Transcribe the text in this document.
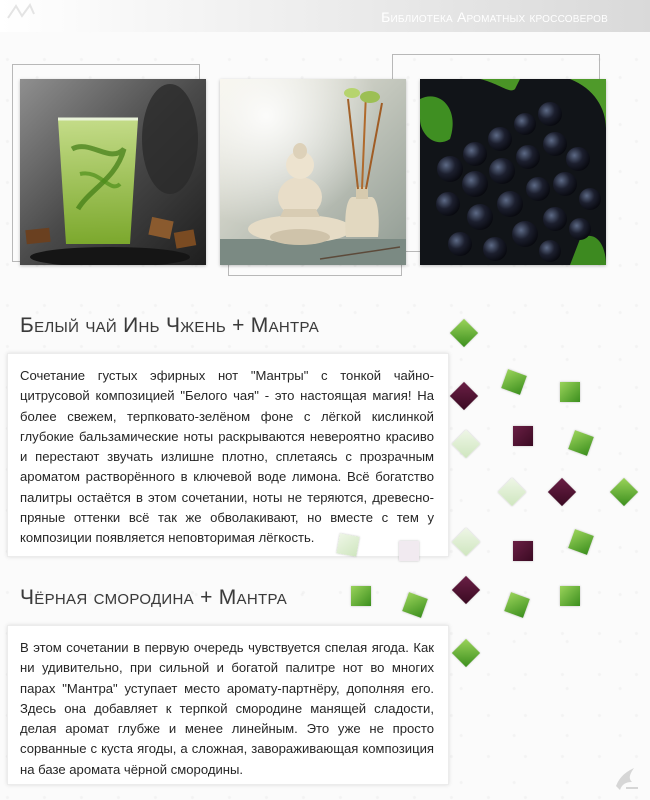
Библиотека Ароматных кроссоверов
Белый чай Инь Чжень + Мантра

Сочетание густых эфирных нот "Мантры" с тонкой чайно-цитрусовой композицией "Белого чая" - это настоящая магия! На более свежем, терпковато-зелёном фоне с лёгкой кислинкой глубокие бальзамические ноты раскрываются невероятно красиво и перестают звучать излишне плотно, сплетаясь с прозрачным ароматом растворённого в ключевой воде лимона. Всё богатство палитры остаётся в этом сочетании, ноты не теряются, древесно-пряные оттенки всё так же обволакивают, но вместе с тем у композиции появляется неповторимая лёгкость.

Чёрная смородина + Мантра

В этом сочетании в первую очередь чувствуется спелая ягода. Как ни удивительно, при сильной и богатой палитре нот во многих парах "Мантра" уступает место аромату-партнёру, дополняя его. Здесь она добавляет к терпкой смородине манящей сладости, делая аромат глубже и менее линейным. Это уже не просто сорванные с куста ягоды, а сложная, завораживающая композиция на базе аромата чёрной смородины.
